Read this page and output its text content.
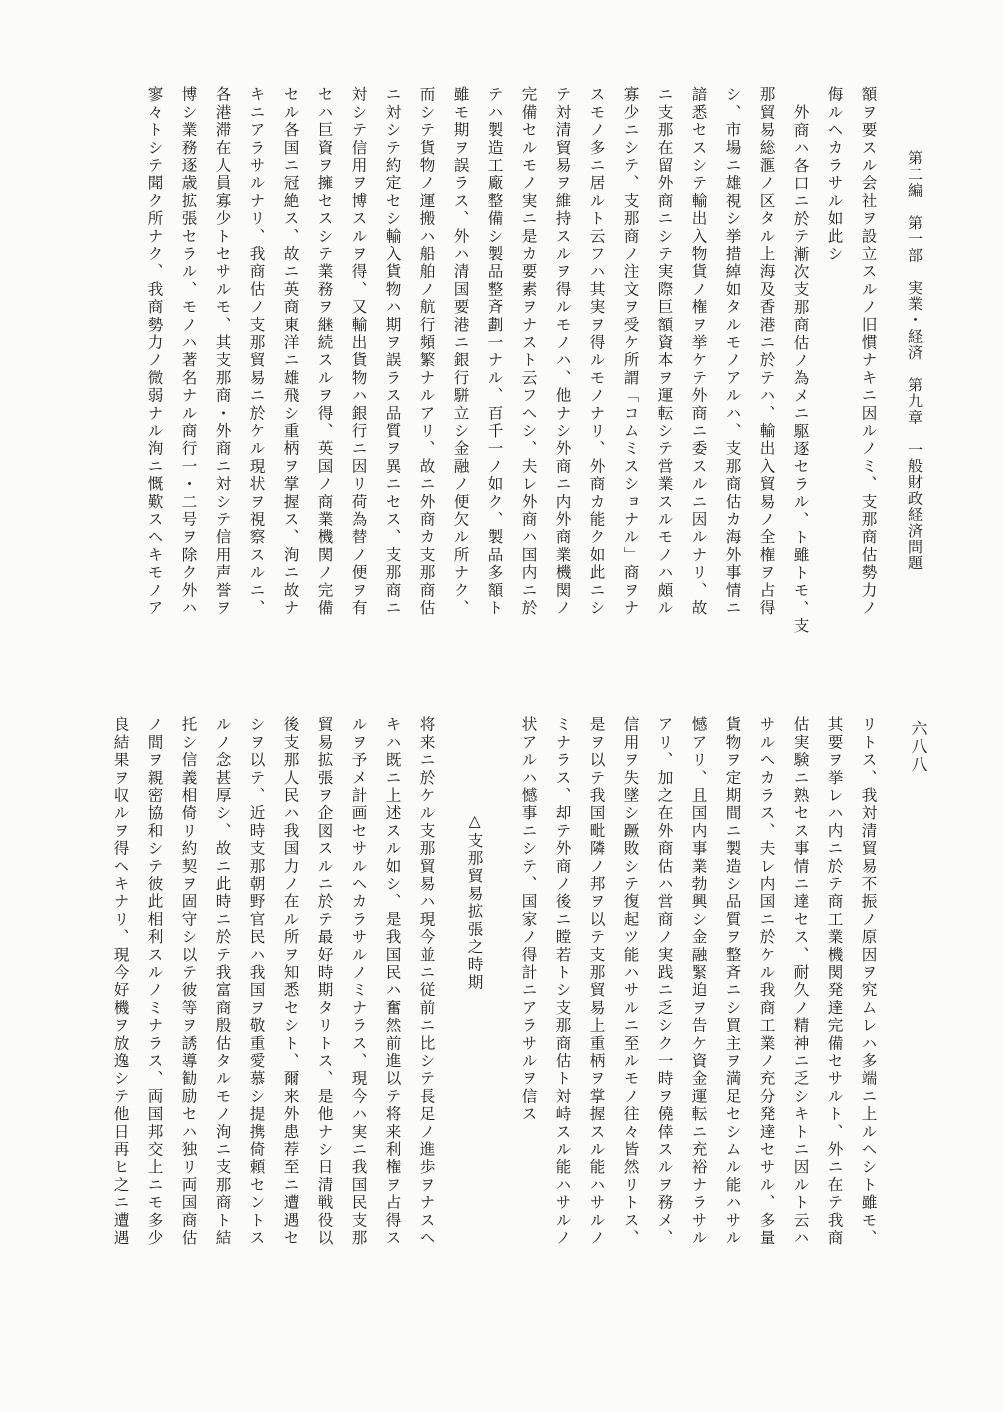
第二編　第一部　実業・経済　第九章　一般財政経済問題
六八八
額ヲ要スル会社ヲ設立スルノ旧慣ナキニ因ルノミ、支那商估勢力ノ
侮ルヘカラサル如此シ
外商ハ各口ニ於テ漸次支那商估ノ為メニ駆逐セラル、ト雖トモ、支
那貿易総滙ノ区タル上海及香港ニ於テハ、輸出入貿易ノ全権ヲ占得
シ、市場ニ雄視シ挙措綽如タルモノアルハ、支那商估カ海外事情ニ
諳悉セスシテ輸出入物貨ノ権ヲ挙ケテ外商ニ委スルニ因ルナリ、故
ニ支那在留外商ニシテ実際巨額資本ヲ運転シテ営業スルモノハ頗ル
寡少ニシテ、支那商ノ注文ヲ受ケ所謂「コムミスショナル」商ヲナ
スモノ多ニ居ルト云フハ其実ヲ得ルモノナリ、外商カ能ク如此ニシ
テ対清貿易ヲ維持スルヲ得ルモノハ、他ナシ外商ニ内外商業機関ノ
完備セルモノ実ニ是カ要素ヲナスト云フヘシ、夫レ外商ハ国内ニ於
テハ製造工廠整備シ製品整斉劃一ナル、百千一ノ如ク、製品多額ト
雖モ期ヲ誤ラス、外ハ清国要港ニ銀行駢立シ金融ノ便欠ル所ナク、
而シテ貨物ノ運搬ハ船舶ノ航行頻繁ナルアリ、故ニ外商カ支那商估
ニ対シテ約定セシ輸入貨物ハ期ヲ誤ラス品質ヲ異ニセス、支那商ニ
対シテ信用ヲ博スルヲ得、又輸出貨物ハ銀行ニ因リ荷為替ノ便ヲ有
セハ巨資ヲ擁セスシテ業務ヲ継続スルヲ得、英国ノ商業機関ノ完備
セル各国ニ冠絶ス、故ニ英商東洋ニ雄飛シ重柄ヲ掌握ス、洵ニ故ナ
キニアラサルナリ、我商估ノ支那貿易ニ於ケル現状ヲ視察スルニ、
各港滞在人員寡少トセサルモ、其支那商・外商ニ対シテ信用声誉ヲ
博シ業務逐歳拡張セラル、モノハ著名ナル商行一・二号ヲ除ク外ハ
寥々トシテ聞ク所ナク、我商勢力ノ微弱ナル洵ニ慨歎スヘキモノア
リトス、我対清貿易不振ノ原因ヲ究ムレハ多端ニ上ルヘシト雖モ、
其要ヲ挙レハ内ニ於テ商工業機関発達完備セサルト、外ニ在テ我商
估実験ニ熟セス事情ニ達セス、耐久ノ精神ニ乏シキトニ因ルト云ハ
サルヘカラス、夫レ内国ニ於ケル我商工業ノ充分発達セサル、多量
貨物ヲ定期間ニ製造シ品質ヲ整斉ニシ買主ヲ満足セシムル能ハサル
憾アリ、且国内事業勃興シ金融緊迫ヲ告ケ資金運転ニ充裕ナラサル
アリ、加之在外商估ハ営商ノ実践ニ乏シク一時ヲ僥倖スルヲ務メ、
信用ヲ失墜シ蹶敗シテ復起ツ能ハサルニ至ルモノ往々皆然リトス、
是ヲ以テ我国毗隣ノ邦ヲ以テ支那貿易上重柄ヲ掌握スル能ハサルノ
ミナラス、却テ外商ノ後ニ瞠若トシ支那商估ト対峙スル能ハサルノ
状アルハ憾事ニシテ、国家ノ得計ニアラサルヲ信ス
△支那貿易拡張之時期
将来ニ於ケル支那貿易ハ現今並ニ従前ニ比シテ長足ノ進歩ヲナスヘ
キハ既ニ上述スル如シ、是我国民ハ奮然前進以テ将来利権ヲ占得ス
ルヲ予メ計画セサルヘカラサルノミナラス、現今ハ実ニ我国民支那
貿易拡張ヲ企図スルニ於テ最好時期タリトス、是他ナシ日清戦役以
後支那人民ハ我国力ノ在ル所ヲ知悉セシト、爾来外患荐至ニ遭遇セ
シヲ以テ、近時支那朝野官民ハ我国ヲ敬重愛慕シ提携倚頼セントス
ルノ念甚厚シ、故ニ此時ニ於テ我富商殷估タルモノ洵ニ支那商ト結
托シ信義相倚リ約契ヲ固守シ以テ彼等ヲ誘導勧励セハ独リ両国商估
ノ間ヲ親密協和シテ彼此相利スルノミナラス、両国邦交上ニモ多少
良結果ヲ収ルヲ得ヘキナリ、現今好機ヲ放逸シテ他日再ヒ之ニ遭遇
